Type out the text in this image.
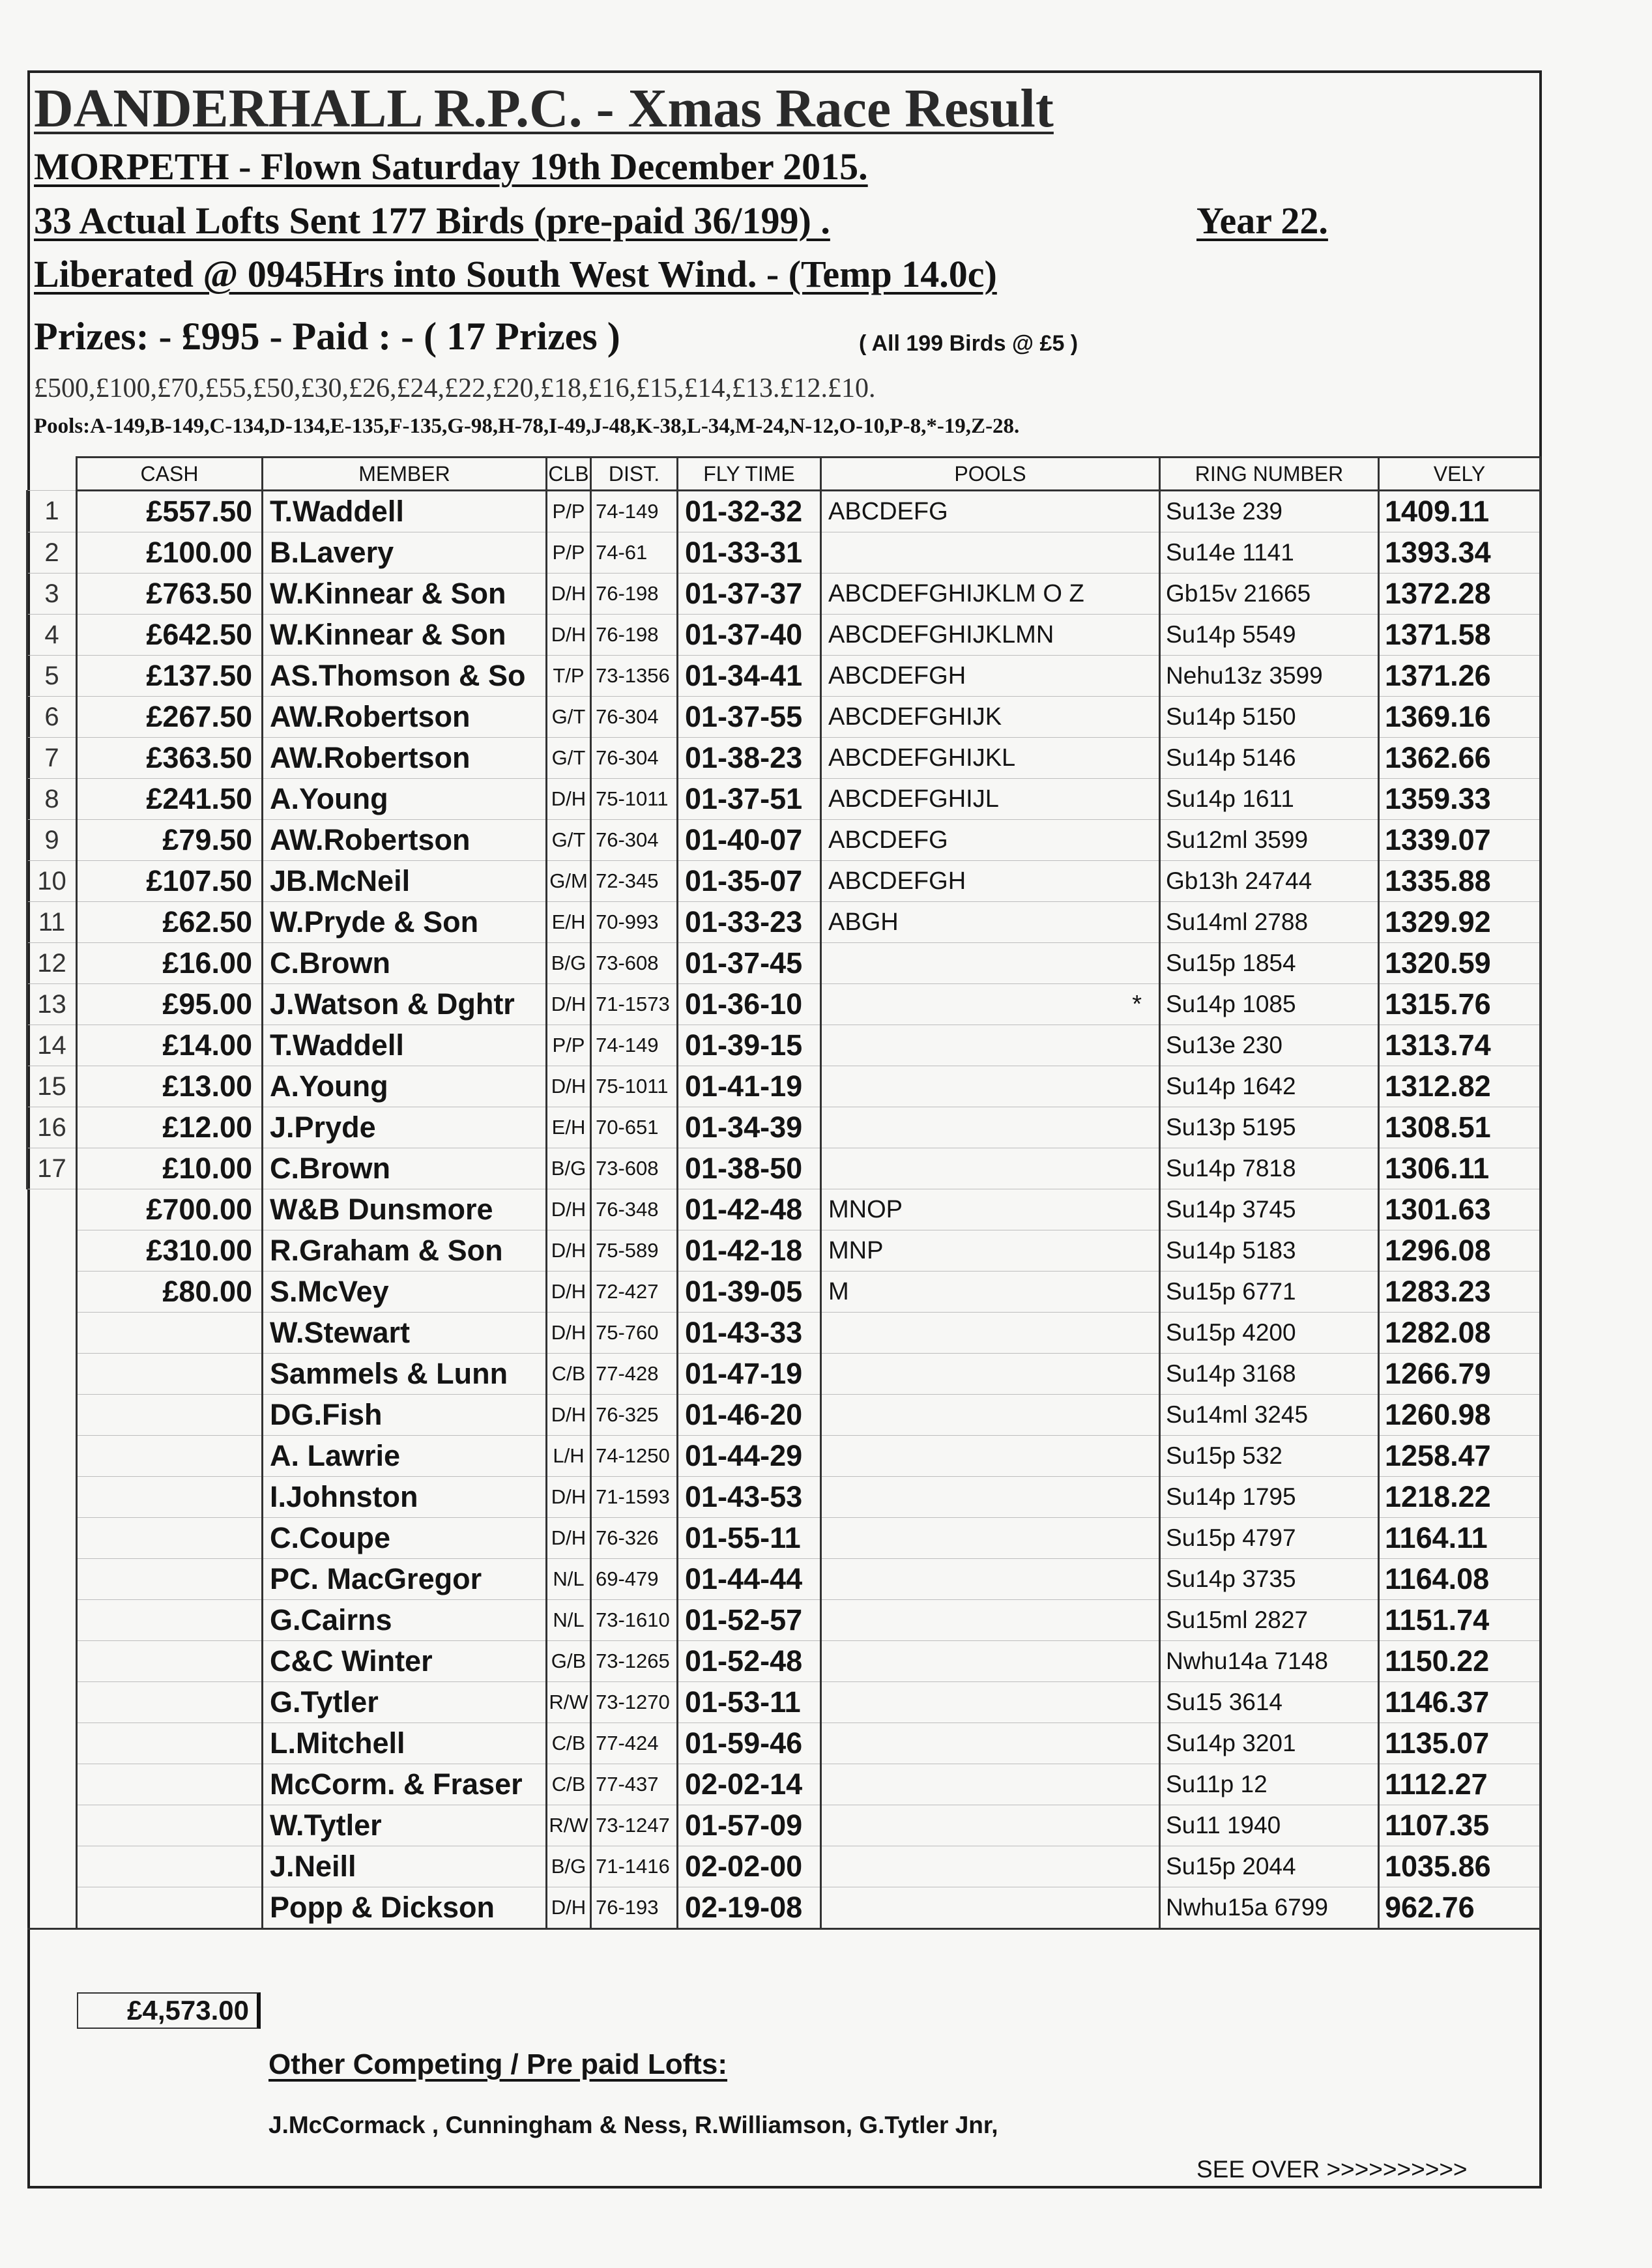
DANDERHALL R.P.C. - Xmas Race Result
MORPETH - Flown Saturday 19th December 2015.
33 Actual Lofts Sent 177 Birds (pre-paid 36/199) .	Year 22.
Liberated @ 0945Hrs into South West Wind. - (Temp 14.0c)
Prizes: - £995 - Paid : - ( 17 Prizes )	( All 199 Birds @ £5 )
£500,£100,£70,£55,£50,£30,£26,£24,£22,£20,£18,£16,£15,£14,£13.£12.£10.
Pools:A-149,B-149,C-134,D-134,E-135,F-135,G-98,H-78,I-49,J-48,K-38,L-34,M-24,N-12,O-10,P-8,*-19,Z-28.
	CASH	MEMBER	CLB	DIST.	FLY TIME	POOLS	RING NUMBER	VELY
1	£557.50	T.Waddell	P/P	74-149	01-32-32	ABCDEFG	Su13e 239	1409.11
2	£100.00	B.Lavery	P/P	74-61	01-33-31		Su14e 1141	1393.34
3	£763.50	W.Kinnear & Son	D/H	76-198	01-37-37	ABCDEFGHIJKLM O Z	Gb15v 21665	1372.28
4	£642.50	W.Kinnear & Son	D/H	76-198	01-37-40	ABCDEFGHIJKLMN	Su14p 5549	1371.58
5	£137.50	AS.Thomson & So	T/P	73-1356	01-34-41	ABCDEFGH	Nehu13z 3599	1371.26
6	£267.50	AW.Robertson	G/T	76-304	01-37-55	ABCDEFGHIJK	Su14p 5150	1369.16
7	£363.50	AW.Robertson	G/T	76-304	01-38-23	ABCDEFGHIJKL	Su14p 5146	1362.66
8	£241.50	A.Young	D/H	75-1011	01-37-51	ABCDEFGHIJL	Su14p 1611	1359.33
9	£79.50	AW.Robertson	G/T	76-304	01-40-07	ABCDEFG	Su12ml 3599	1339.07
10	£107.50	JB.McNeil	G/M	72-345	01-35-07	ABCDEFGH	Gb13h 24744	1335.88
11	£62.50	W.Pryde & Son	E/H	70-993	01-33-23	ABGH	Su14ml 2788	1329.92
12	£16.00	C.Brown	B/G	73-608	01-37-45		Su15p 1854	1320.59
13	£95.00	J.Watson & Dghtr	D/H	71-1573	01-36-10	*	Su14p 1085	1315.76
14	£14.00	T.Waddell	P/P	74-149	01-39-15		Su13e 230	1313.74
15	£13.00	A.Young	D/H	75-1011	01-41-19		Su14p 1642	1312.82
16	£12.00	J.Pryde	E/H	70-651	01-34-39		Su13p 5195	1308.51
17	£10.00	C.Brown	B/G	73-608	01-38-50		Su14p 7818	1306.11
	£700.00	W&B Dunsmore	D/H	76-348	01-42-48	MNOP	Su14p 3745	1301.63
	£310.00	R.Graham & Son	D/H	75-589	01-42-18	MNP	Su14p 5183	1296.08
	£80.00	S.McVey	D/H	72-427	01-39-05	M	Su15p 6771	1283.23
		W.Stewart	D/H	75-760	01-43-33		Su15p 4200	1282.08
		Sammels & Lunn	C/B	77-428	01-47-19		Su14p 3168	1266.79
		DG.Fish	D/H	76-325	01-46-20		Su14ml 3245	1260.98
		A. Lawrie	L/H	74-1250	01-44-29		Su15p 532	1258.47
		I.Johnston	D/H	71-1593	01-43-53		Su14p 1795	1218.22
		C.Coupe	D/H	76-326	01-55-11		Su15p 4797	1164.11
		PC. MacGregor	N/L	69-479	01-44-44		Su14p 3735	1164.08
		G.Cairns	N/L	73-1610	01-52-57		Su15ml 2827	1151.74
		C&C Winter	G/B	73-1265	01-52-48		Nwhu14a 7148	1150.22
		G.Tytler	R/W	73-1270	01-53-11		Su15 3614	1146.37
		L.Mitchell	C/B	77-424	01-59-46		Su14p 3201	1135.07
		McCorm. & Fraser	C/B	77-437	02-02-14		Su11p 12	1112.27
		W.Tytler	R/W	73-1247	01-57-09		Su11 1940	1107.35
		J.Neill	B/G	71-1416	02-02-00		Su15p 2044	1035.86
		Popp & Dickson	D/H	76-193	02-19-08		Nwhu15a 6799	962.76
£4,573.00
Other Competing / Pre paid Lofts:
J.McCormack , Cunningham & Ness, R.Williamson, G.Tytler Jnr,
SEE OVER >>>>>>>>>>
